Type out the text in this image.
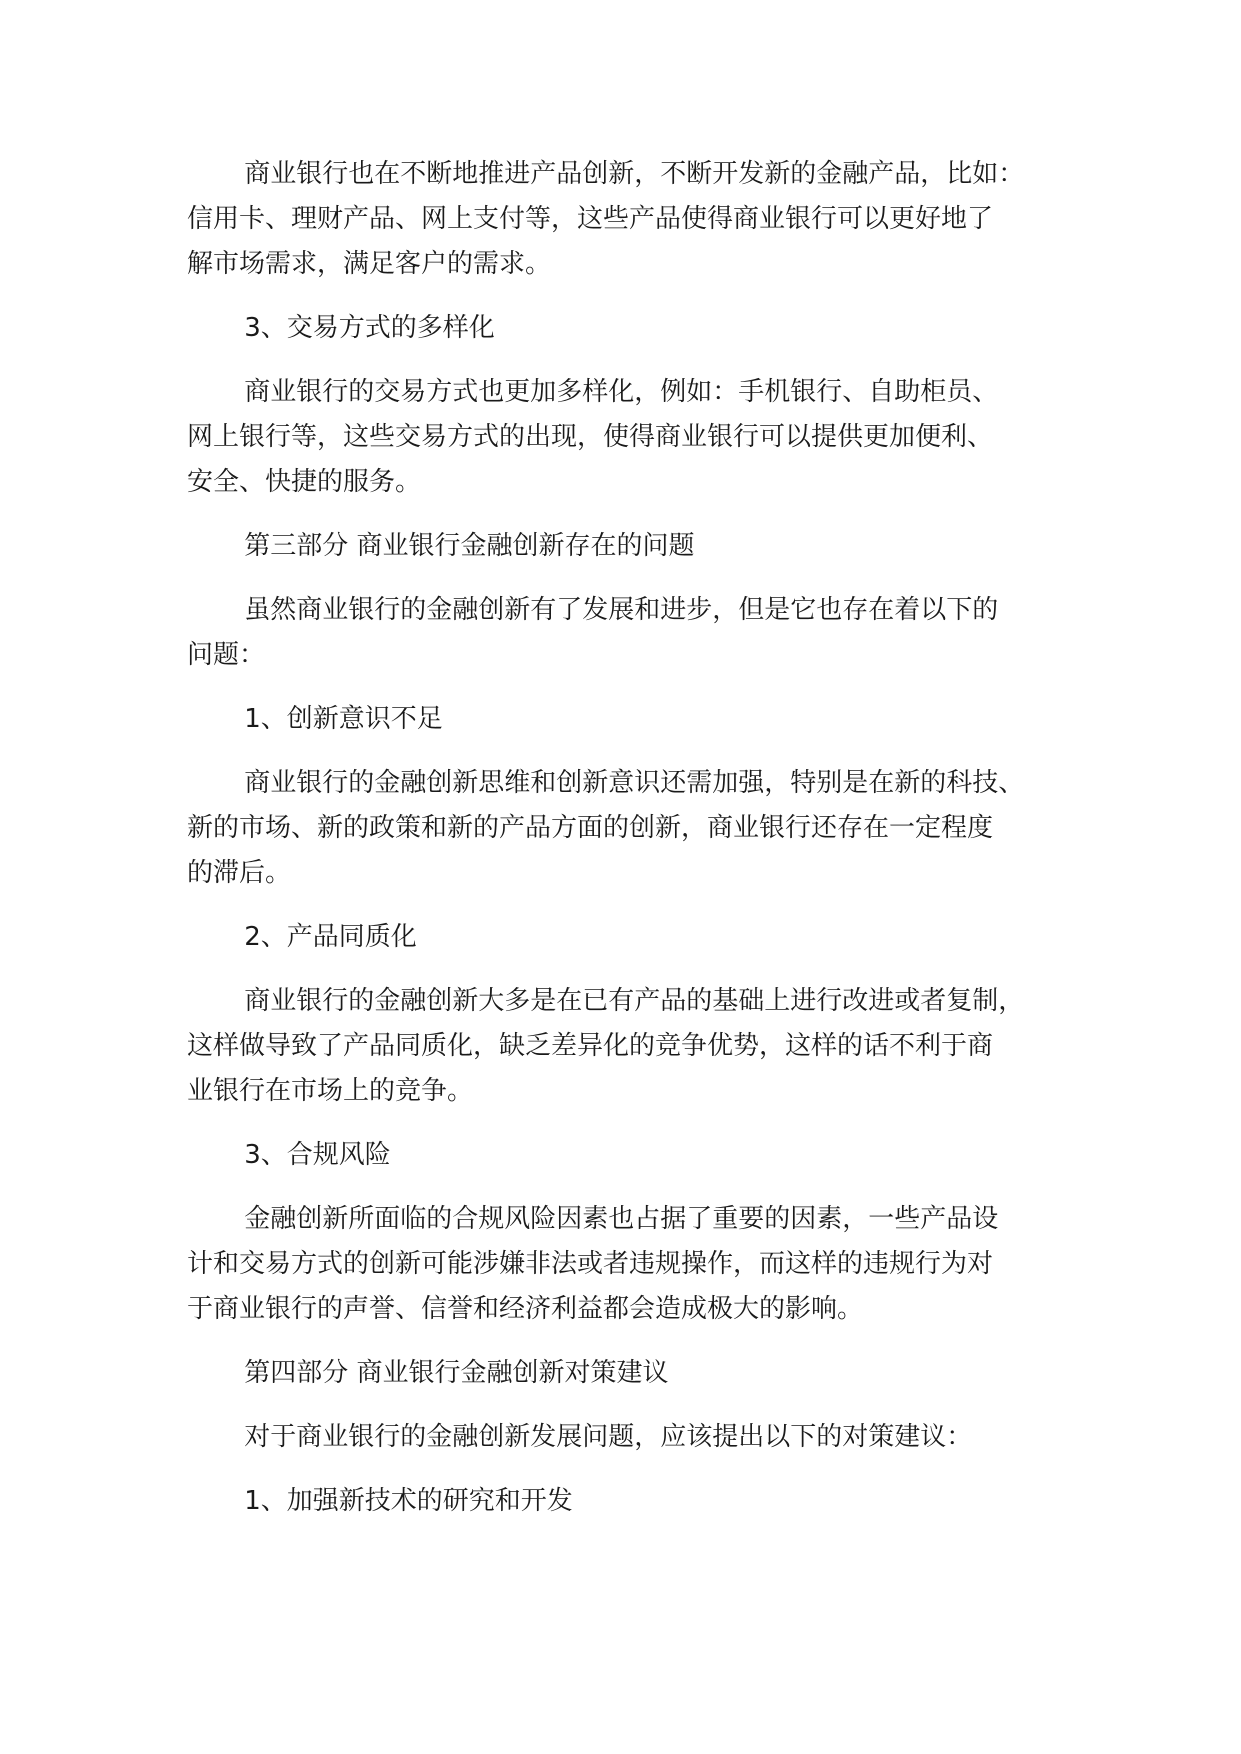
商业银行也在不断地推进产品创新，不断开发新的金融产品，比如：
信用卡、理财产品、网上支付等，这些产品使得商业银行可以更好地了
解市场需求，满足客户的需求。

3、交易方式的多样化

商业银行的交易方式也更加多样化，例如：手机银行、自助柜员、
网上银行等，这些交易方式的出现，使得商业银行可以提供更加便利、
安全、快捷的服务。

第三部分 商业银行金融创新存在的问题

虽然商业银行的金融创新有了发展和进步，但是它也存在着以下的
问题：

1、创新意识不足

商业银行的金融创新思维和创新意识还需加强，特别是在新的科技、
新的市场、新的政策和新的产品方面的创新，商业银行还存在一定程度
的滞后。

2、产品同质化

商业银行的金融创新大多是在已有产品的基础上进行改进或者复制，
这样做导致了产品同质化，缺乏差异化的竞争优势，这样的话不利于商
业银行在市场上的竞争。

3、合规风险

金融创新所面临的合规风险因素也占据了重要的因素，一些产品设
计和交易方式的创新可能涉嫌非法或者违规操作，而这样的违规行为对
于商业银行的声誉、信誉和经济利益都会造成极大的影响。

第四部分 商业银行金融创新对策建议

对于商业银行的金融创新发展问题，应该提出以下的对策建议：

1、加强新技术的研究和开发
